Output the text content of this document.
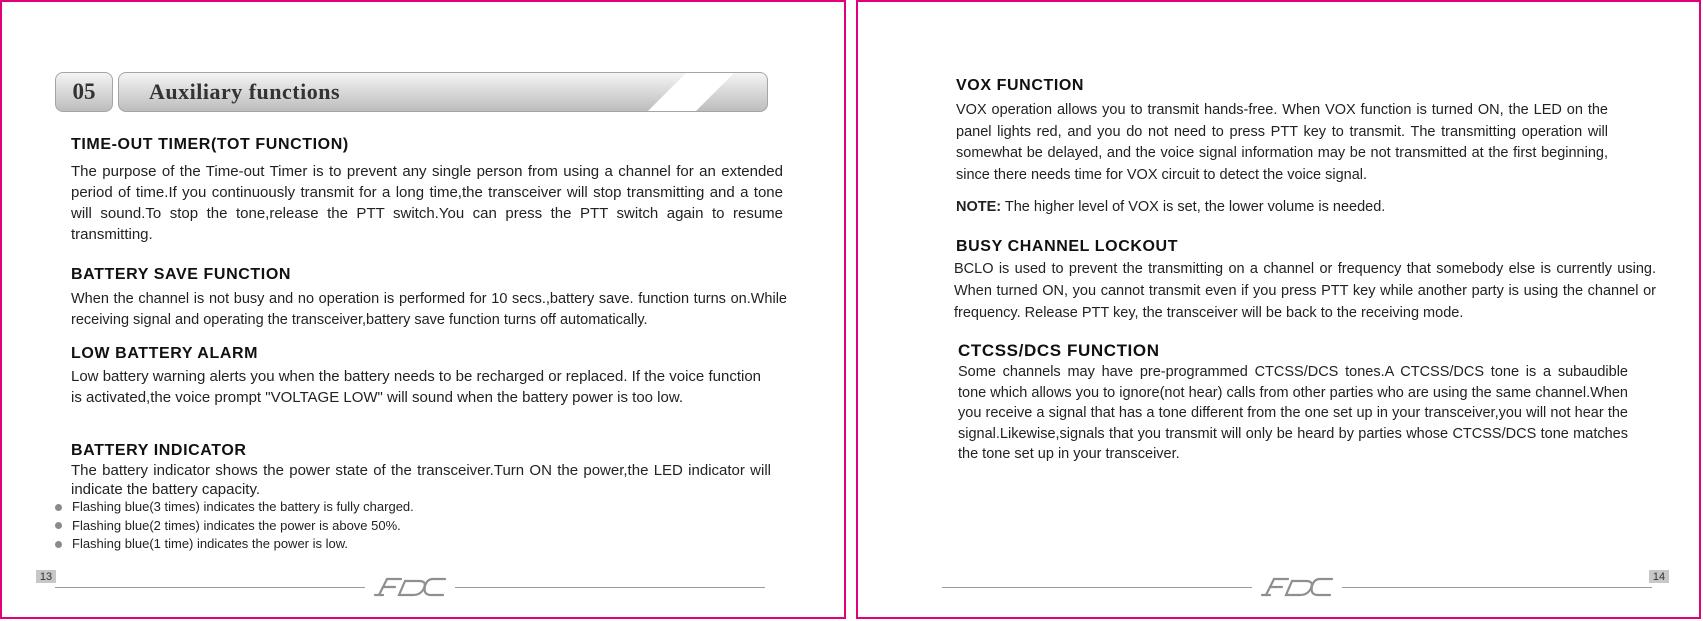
05	Auxiliary functions
TIME-OUT TIMER(TOT FUNCTION)
The purpose of the Time-out Timer is to prevent any single person from using a channel for an extended period of time.If you continuously transmit for a long time,the transceiver will stop transmitting and a tone will sound.To stop the tone,release the PTT switch.You can press the PTT switch again to resume transmitting.
BATTERY SAVE FUNCTION
When the channel is not busy and no operation is performed for 10 secs.,battery save. function turns on.While receiving signal and operating the transceiver,battery save function turns off automatically.
LOW BATTERY ALARM
Low battery warning alerts you when the battery needs to be recharged or replaced. If the voice function is activated,the voice prompt "VOLTAGE LOW" will sound when the battery power is too low.
BATTERY INDICATOR
The battery indicator shows the power state of the transceiver.Turn ON the power,the LED indicator will indicate the battery capacity.
Flashing blue(3 times) indicates the battery is fully charged.
Flashing blue(2 times) indicates the power is above 50%.
Flashing blue(1 time) indicates the power is low.
13
VOX FUNCTION
VOX operation allows you to transmit hands-free. When VOX function is turned ON, the LED on the panel lights red, and you do not need to press PTT key to transmit. The transmitting operation will somewhat be delayed, and the voice signal information may be not transmitted at the first beginning, since there needs time for VOX circuit to detect the voice signal.
NOTE: The higher level of VOX is set, the lower volume is needed.
BUSY CHANNEL LOCKOUT
BCLO is used to prevent the transmitting on a channel or frequency that somebody else is currently using. When turned ON, you cannot transmit even if you press PTT key while another party is using the channel or frequency. Release PTT key, the transceiver will be back to the receiving mode.
CTCSS/DCS FUNCTION
Some channels may have pre-programmed CTCSS/DCS tones.A CTCSS/DCS tone is a subaudible tone which allows you to ignore(not hear) calls from other parties who are using the same channel.When you receive a signal that has a tone different from the one set up in your transceiver,you will not hear the signal.Likewise,signals that you transmit will only be heard by parties whose CTCSS/DCS tone matches the tone set up in your transceiver.
14
